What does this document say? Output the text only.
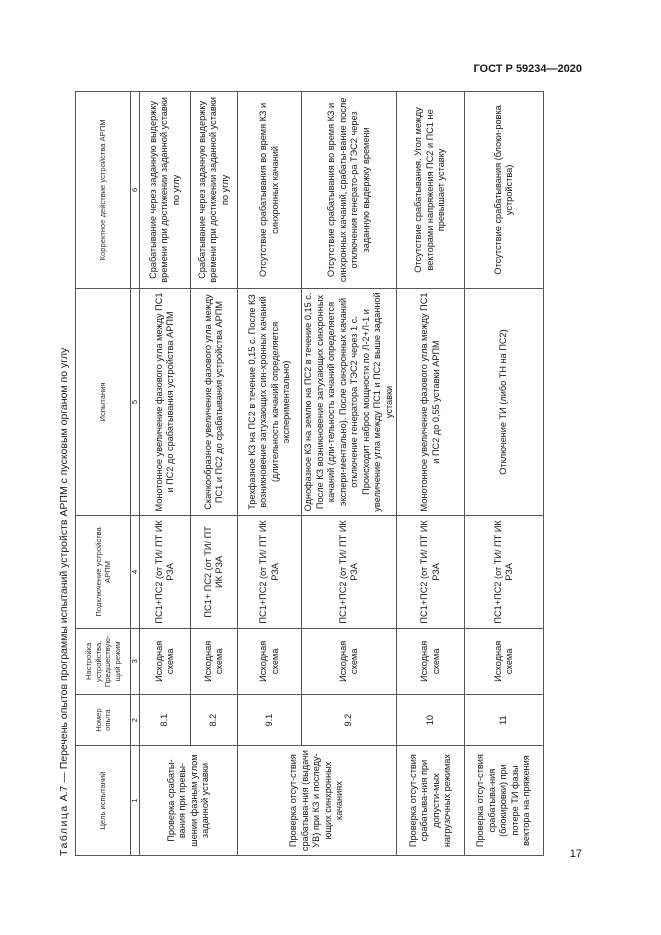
ГОСТ Р 59234—2020
Таблица А.7 — Перечень опытов программы испытаний устройств АРПМ с пусковым органом по углу	Цель испытаний	Номер опыта	Настройка устройства. Предшествую-щий режим	Подключение устройства АРПМ	Испытания	Корректное действие устройства АРПМ
1	2	3	4	5	6
Проверка срабаты-вания при превы-шении фазным углом заданной уставки	8.1	Исходная схема	ПС1+ПС2 (от ТИ/ ПТ ИК РЗА	Монотонное увеличение фазового угла между ПС1 и ПС2 до срабатывания устройства АРПМ	Срабатывание через заданную выдержку времени при достижении заданной уставки по углу
	8.2	Исходная схема	ПС1+ ПС2 (от ТИ/ ПТ ИК РЗА	Скачкообразное увеличение фазового угла между ПС1 и ПС2 до срабатывания устройства АРПМ	Срабатывание через заданную выдержку времени при достижении заданной уставки по углу
Проверка отсут-ствия срабатыва-ния (выдачи УВ) при КЗ и последу-ющих синхронных качаниях	9.1	Исходная схема	ПС1+ПС2 (от ТИ/ ПТ ИК РЗА	Трехфазное КЗ на ПС2 в течение 0,15 с. После КЗ возникновение затухающих син-хронных качаний (длительность качаний определяется экспериментально)	Отсутствие срабатывания во время КЗ и синхронных качаний
	9.2	Исходная схема	ПС1+ПС2 (от ТИ/ ПТ ИК РЗА	Однофазное КЗ на землю на ПС2 в течение 0,15 с. После КЗ возникновение затухающих синхронных качаний (дли-тельность качаний определяется экспери-ментально). После синхронных качаний отключение генератора ТЭС2 через 1 с. Происходит наброс мощности по Л-2+Л-1 и увеличение угла между ПС1 и ПС2 выше заданной уставки	Отсутствие срабатывания во время КЗ и синхронных качаний, срабаты-вание после отключения генерато-ра ТЭС2 через заданную выдержку времени
Проверка отсут-ствия срабатыва-ния при допусти-мых нагрузочных режимах	10	Исходная схема	ПС1+ПС2 (от ТИ/ ПТ ИК РЗА	Монотонное увеличение фазового угла между ПС1 и ПС2 до 0,55 уставки АРПМ	Отсутствие срабатывания. Угол между векторами напряжения ПС2 и ПС1 не превышает уставку
Проверка отсут-ствия срабатыва-ния (блокировки) при потере ТИ фазы вектора на-пряжения	11	Исходная схема	ПС1+ПС2 (от ТИ/ ПТ ИК РЗА	Отключение ТИ (либо ТН на ПС2)	Отсутствие срабатывания (блоки-ровка устройства)
17
